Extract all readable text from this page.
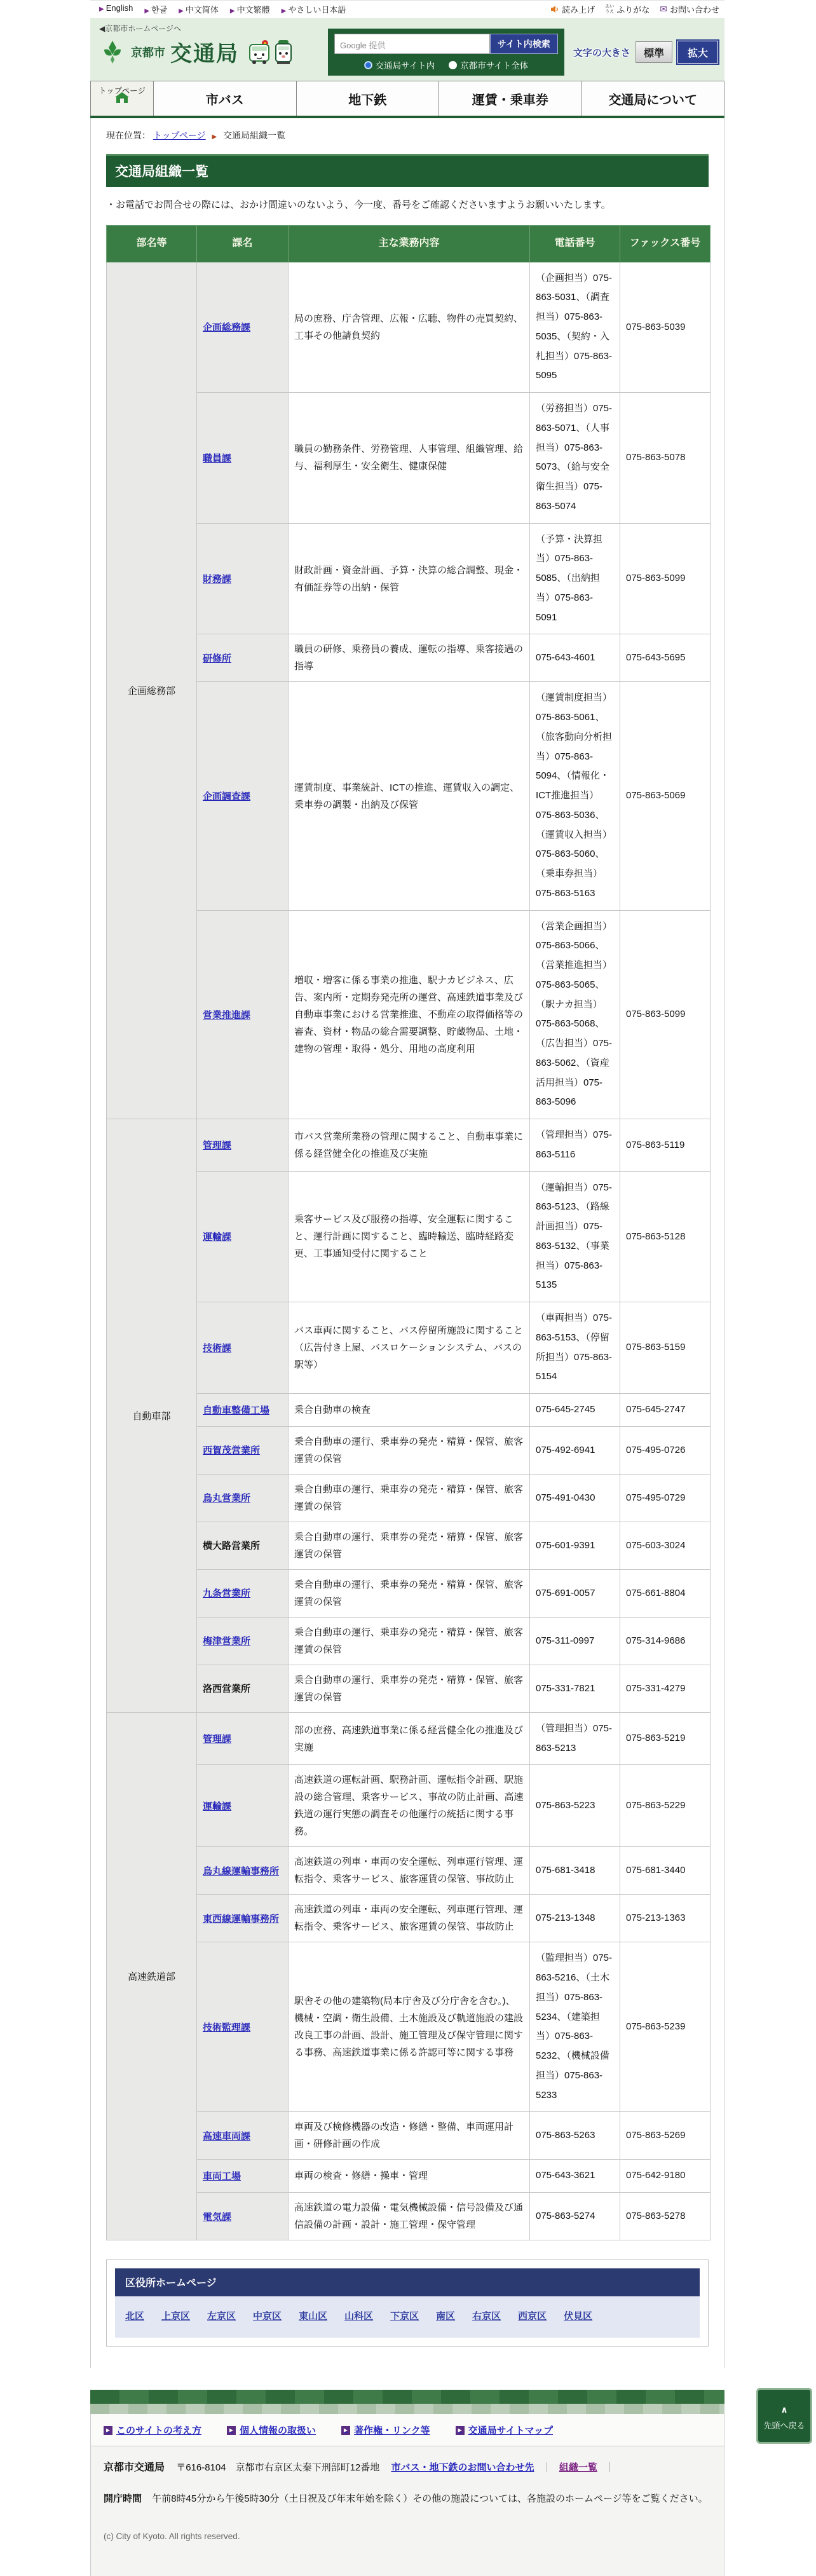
▶ English ▶ 한글 ▶ 中文简体 ▶ 中文繁體 ▶ やさしい日本語	読み上げ あい
うえ ふりがな ✉ お問い合わせ
◀京都市ホームページへ
京都市 交通局	Google 提供	サイト内検索
交通局サイト内	京都市サイト全体
文字の大きさ	標準	拡大
トップページ
市バス	地下鉄	運賃・乗車券	交通局について
現在位置： トップページ ▶ 交通局組織一覧
交通局組織一覧

・お電話でお問合せの際には、おかけ間違いのないよう、今一度、番号をご確認くださいますようお願いいたします。

部名等	課名	主な業務内容	電話番号	ファックス番号
企画総務部	企画総務課	局の庶務、庁舎管理、広報・広聴、物件の売買契約、工事その他請負契約	（企画担当）075-863-5031、（調査担当）075-863-5035、（契約・入札担当）075-863-5095	075-863-5039
	職員課	職員の勤務条件、労務管理、人事管理、組織管理、給与、福利厚生・安全衛生、健康保健	（労務担当）075-863-5071、（人事担当）075-863-5073、（給与安全衛生担当）075-863-5074	075-863-5078
	財務課	財政計画・資金計画、予算・決算の総合調整、現金・有価証券等の出納・保管	（予算・決算担当）075-863-5085、（出納担当）075-863-5091	075-863-5099
	研修所	職員の研修、乗務員の養成、運転の指導、乗客接遇の指導	075-643-4601	075-643-5695
	企画調査課	運賃制度、事業統計、ICTの推進、運賃収入の調定、乗車券の調製・出納及び保管	（運賃制度担当）075-863-5061、（旅客動向分析担当）075-863-5094、（情報化・ICT推進担当）075-863-5036、（運賃収入担当）075-863-5060、（乗車券担当）075-863-5163	075-863-5069
	営業推進課	増収・増客に係る事業の推進、駅ナカビジネス、広告、案内所・定期券発売所の運営、高速鉄道事業及び自動車事業における営業推進、不動産の取得価格等の審査、資材・物品の総合需要調整、貯蔵物品、土地・建物の管理・取得・処分、用地の高度利用	（営業企画担当）075-863-5066、（営業推進担当）075-863-5065、（駅ナカ担当）075-863-5068、（広告担当）075-863-5062、（資産活用担当）075-863-5096	075-863-5099
自動車部	管理課	市バス営業所業務の管理に関すること、自動車事業に係る経営健全化の推進及び実施	（管理担当）075-863-5116	075-863-5119
	運輸課	乗客サービス及び服務の指導、安全運転に関すること、運行計画に関すること、臨時輸送、臨時経路変更、工事通知受付に関すること	（運輸担当）075-863-5123、（路線計画担当）075-863-5132、（事業担当）075-863-5135	075-863-5128
	技術課	バス車両に関すること、バス停留所施設に関すること（広告付き上屋、バスロケーションシステム、バスの駅等）	（車両担当）075-863-5153、（停留所担当）075-863-5154	075-863-5159
	自動車整備工場	乗合自動車の検査	075-645-2745	075-645-2747
	西賀茂営業所	乗合自動車の運行、乗車券の発売・精算・保管、旅客運賃の保管	075-492-6941	075-495-0726
	烏丸営業所	乗合自動車の運行、乗車券の発売・精算・保管、旅客運賃の保管	075-491-0430	075-495-0729
	横大路営業所	乗合自動車の運行、乗車券の発売・精算・保管、旅客運賃の保管	075-601-9391	075-603-3024
	九条営業所	乗合自動車の運行、乗車券の発売・精算・保管、旅客運賃の保管	075-691-0057	075-661-8804
	梅津営業所	乗合自動車の運行、乗車券の発売・精算・保管、旅客運賃の保管	075-311-0997	075-314-9686
	洛西営業所	乗合自動車の運行、乗車券の発売・精算・保管、旅客運賃の保管	075-331-7821	075-331-4279
高速鉄道部	管理課	部の庶務、高速鉄道事業に係る経営健全化の推進及び実施	（管理担当）075-863-5213	075-863-5219
	運輸課	高速鉄道の運転計画、駅務計画、運転指令計画、駅施設の総合管理、乗客サービス、事故の防止計画、高速鉄道の運行実態の調査その他運行の統括に関する事務。	075-863-5223	075-863-5229
	烏丸線運輸事務所	高速鉄道の列車・車両の安全運転、列車運行管理、運転指令、乗客サービス、旅客運賃の保管、事故防止	075-681-3418	075-681-3440
	東西線運輸事務所	高速鉄道の列車・車両の安全運転、列車運行管理、運転指令、乗客サービス、旅客運賃の保管、事故防止	075-213-1348	075-213-1363
	技術監理課	駅舎その他の建築物(局本庁舎及び分庁舎を含む。)、機械・空調・衛生設備、土木施設及び軌道施設の建設改良工事の計画、設計、施工管理及び保守管理に関する事務、高速鉄道事業に係る許認可等に関する事務	（監理担当）075-863-5216、（土木担当）075-863-5234、（建築担当）075-863-5232、（機械設備担当）075-863-5233	075-863-5239
	高速車両課	車両及び検修機器の改造・修繕・整備、車両運用計画・研修計画の作成	075-863-5263	075-863-5269
	車両工場	車両の検査・修繕・操車・管理	075-643-3621	075-642-9180
	電気課	高速鉄道の電力設備・電気機械設備・信号設備及び通信設備の計画・設計・施工管理・保守管理	075-863-5274	075-863-5278
区役所ホームページ
北区 上京区 左京区 中京区 東山区 山科区 下京区 南区 右京区 西京区 伏見区
▶ このサイトの考え方	▶ 個人情報の取扱い	▶ 著作権・リンク等	▶ 交通局サイトマップ

京都市交通局 〒616-8104　京都市右京区太秦下刑部町12番地 市バス・地下鉄のお問い合わせ先 ｜ 組織一覧 ｜

開庁時間 午前8時45分から午後5時30分（土日祝及び年末年始を除く）その他の施設については、各施設のホームページ等をご覧ください。

(c) City of Kyoto. All rights reserved.

∧
先頭へ戻る
